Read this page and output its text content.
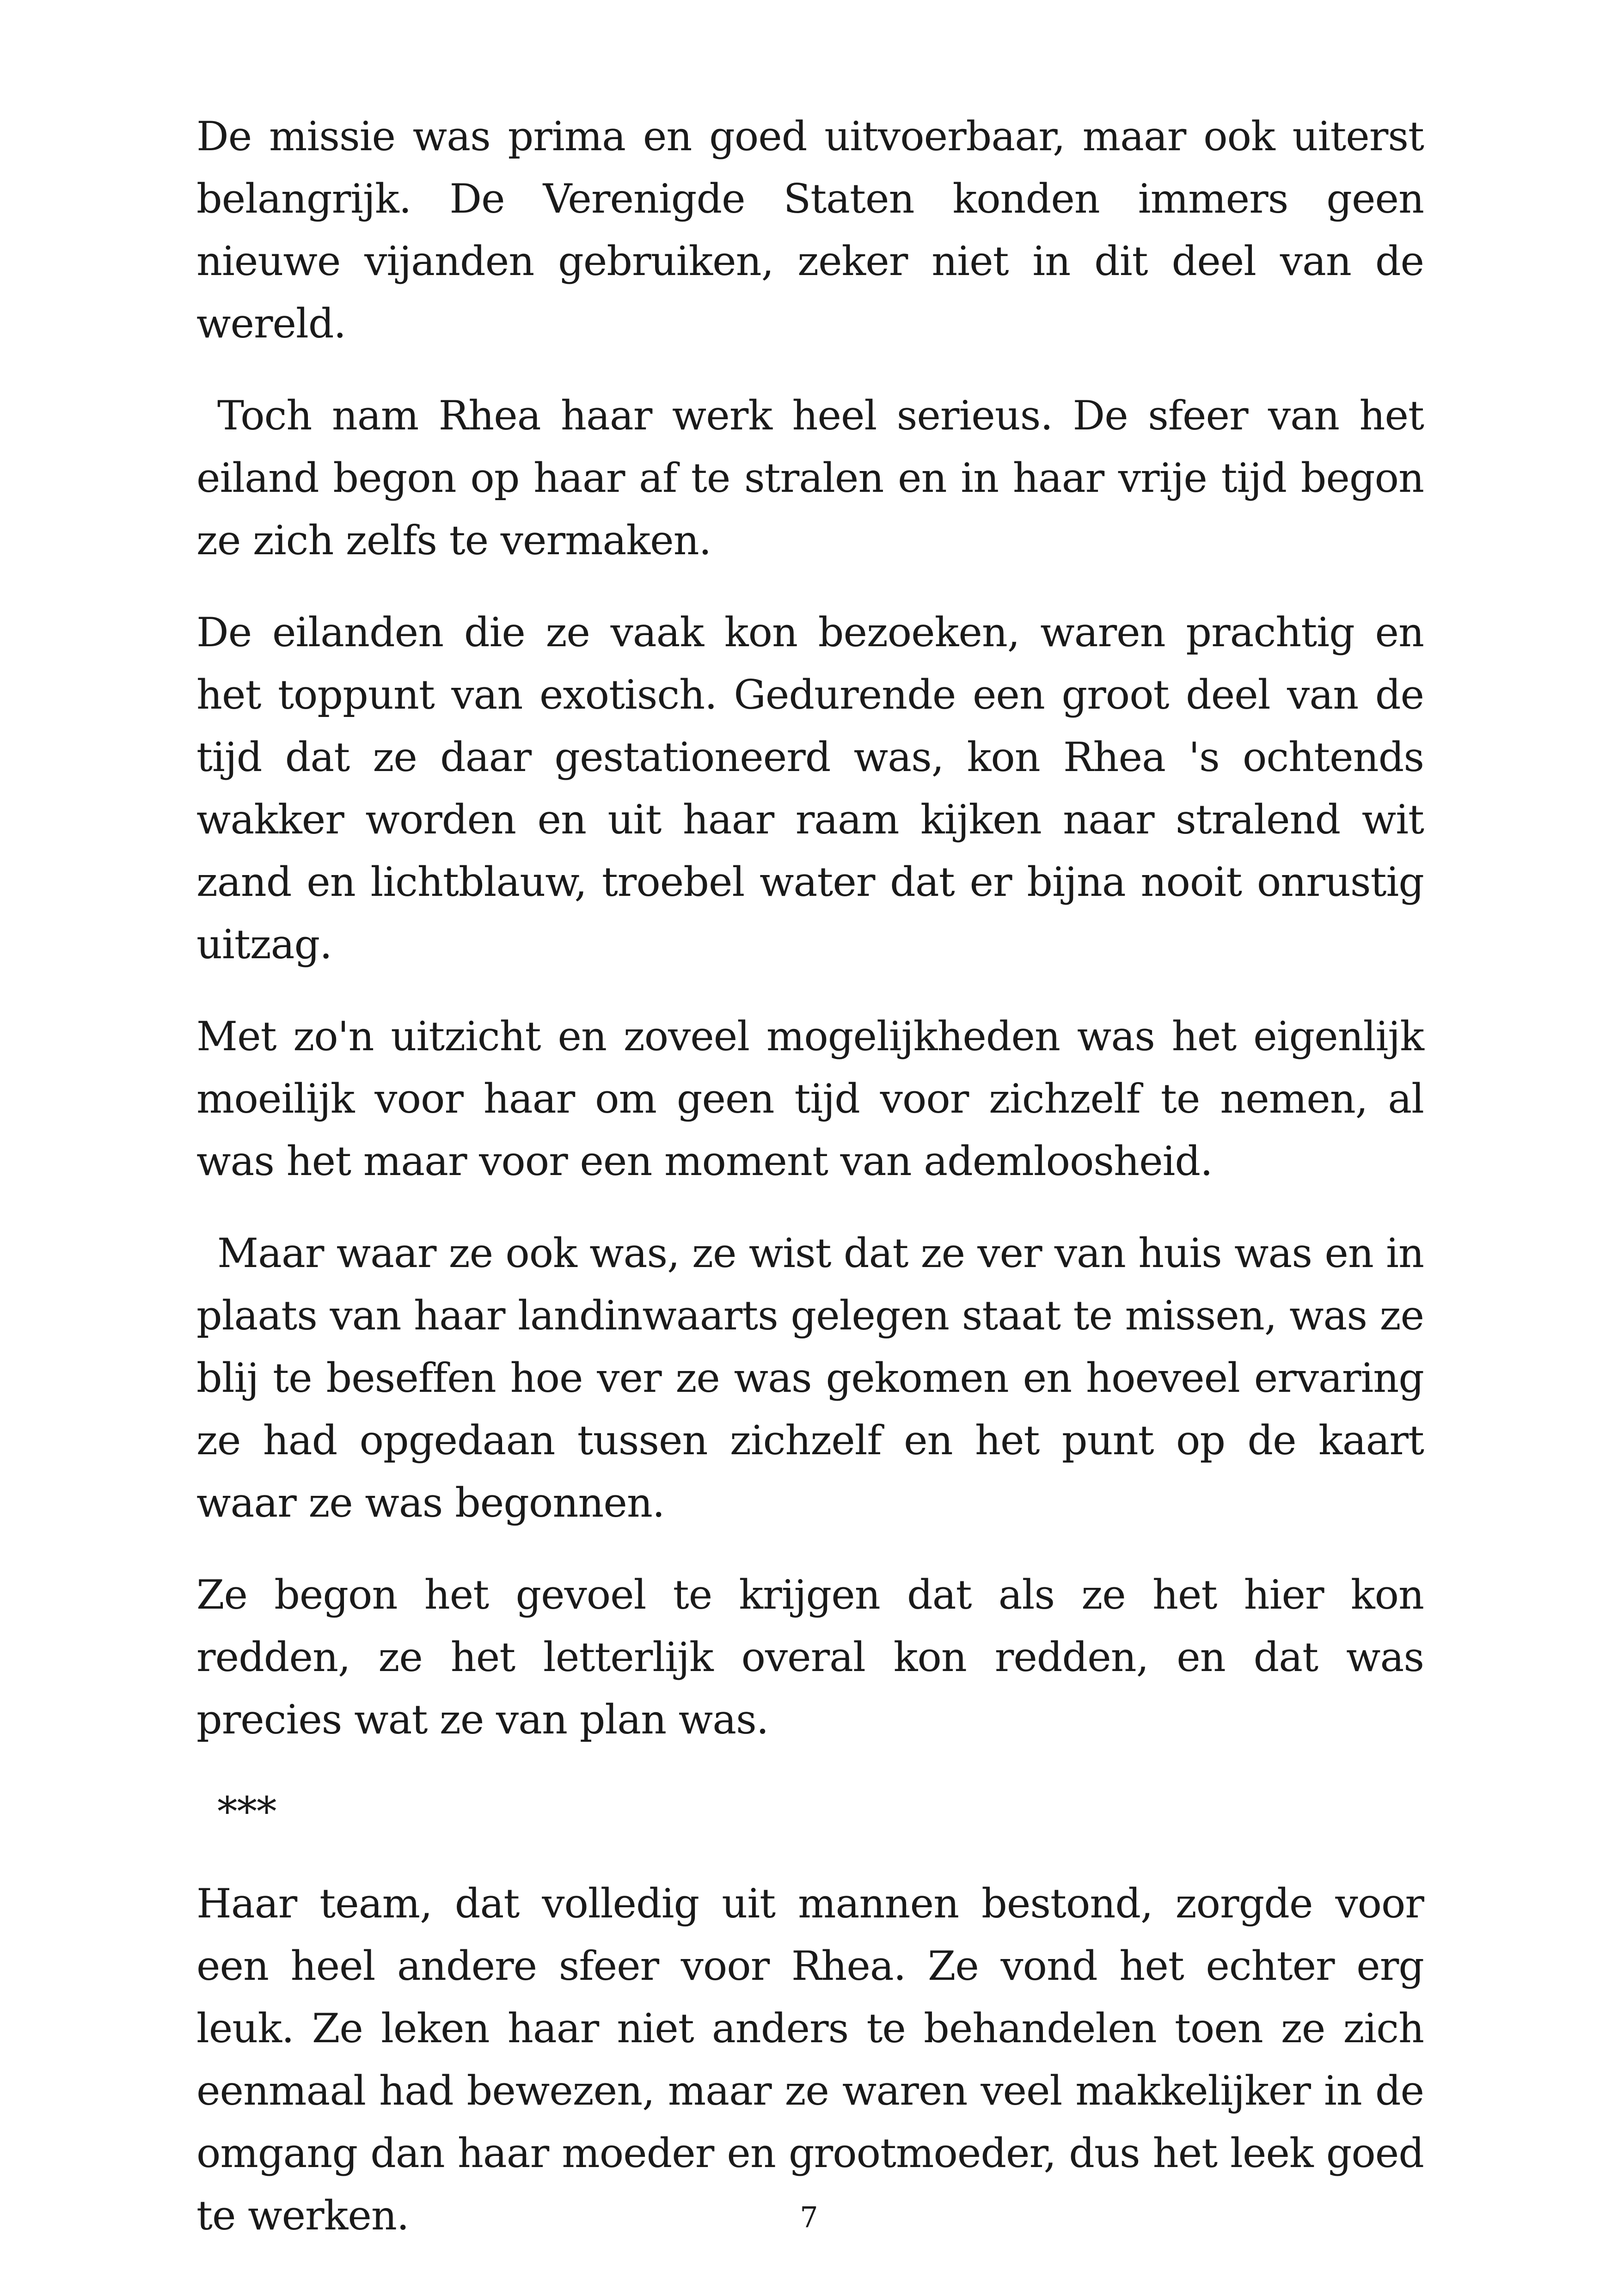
De missie was prima en goed uitvoerbaar, maar ook uiterst belangrijk. De Verenigde Staten konden immers geen nieuwe vijanden gebruiken, zeker niet in dit deel van de wereld.

Toch nam Rhea haar werk heel serieus. De sfeer van het eiland begon op haar af te stralen en in haar vrije tijd begon ze zich zelfs te vermaken.

De eilanden die ze vaak kon bezoeken, waren prachtig en het toppunt van exotisch. Gedurende een groot deel van de tijd dat ze daar gestationeerd was, kon Rhea 's ochtends wakker worden en uit haar raam kijken naar stralend wit zand en lichtblauw, troebel water dat er bijna nooit onrustig uitzag.

Met zo'n uitzicht en zoveel mogelijkheden was het eigenlijk moeilijk voor haar om geen tijd voor zichzelf te nemen, al was het maar voor een moment van ademloosheid.

Maar waar ze ook was, ze wist dat ze ver van huis was en in plaats van haar landinwaarts gelegen staat te missen, was ze blij te beseffen hoe ver ze was gekomen en hoeveel ervaring ze had opgedaan tussen zichzelf en het punt op de kaart waar ze was begonnen.

Ze begon het gevoel te krijgen dat als ze het hier kon redden, ze het letterlijk overal kon redden, en dat was precies wat ze van plan was.

***

Haar team, dat volledig uit mannen bestond, zorgde voor een heel andere sfeer voor Rhea. Ze vond het echter erg leuk. Ze leken haar niet anders te behandelen toen ze zich eenmaal had bewezen, maar ze waren veel makkelijker in de omgang dan haar moeder en grootmoeder, dus het leek goed te werken.	7
